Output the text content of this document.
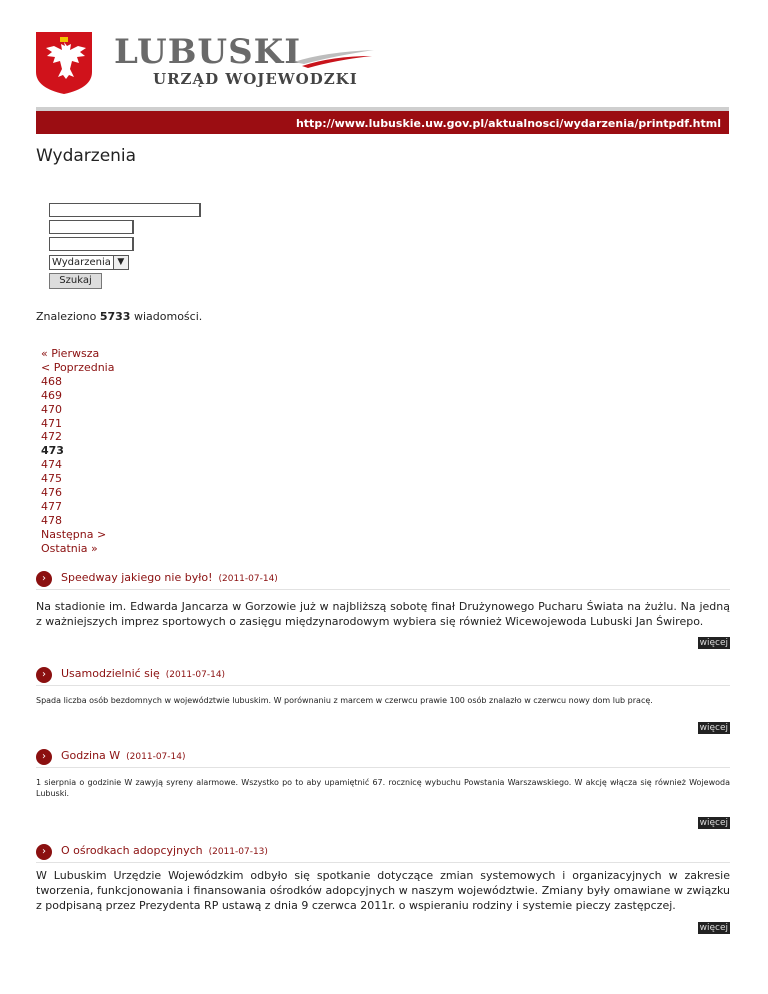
LUBUSKI
URZĄD WOJEWODZKI
http://www.lubuskie.uw.gov.pl/aktualnosci/wydarzenia/printpdf.html
Wydarzenia
Wydarzenia ▼
Szukaj
Znaleziono 5733 wiadomości.
« Pierwsza
< Poprzednia
468
469
470
471
472
473
474
475
476
477
478
Następna >
Ostatnia »
›	Speedway jakiego nie było! (2011-07-14)
Na stadionie im. Edwarda Jancarza w Gorzowie już w najbliższą sobotę finał Drużynowego Pucharu Świata na żużlu. Na jedną z ważniejszych imprez sportowych o zasięgu międzynarodowym wybiera się również Wicewojewoda Lubuski Jan Świrepo.
więcej
›	Usamodzielnić się (2011-07-14)
Spada liczba osób bezdomnych w województwie lubuskim. W porównaniu z marcem w czerwcu prawie 100 osób znalazło w czerwcu nowy dom lub pracę.
więcej
›	Godzina W (2011-07-14)
1 sierpnia o godzinie W zawyją syreny alarmowe. Wszystko po to aby upamiętnić 67. rocznicę wybuchu Powstania Warszawskiego. W akcję włącza się również Wojewoda Lubuski.
więcej
›	O ośrodkach adopcyjnych (2011-07-13)
W Lubuskim Urzędzie Wojewódzkim odbyło się spotkanie dotyczące zmian systemowych i organizacyjnych w zakresie tworzenia, funkcjonowania i finansowania ośrodków adopcyjnych w naszym województwie. Zmiany były omawiane w związku z podpisaną przez Prezydenta RP ustawą z dnia 9 czerwca 2011r. o wspieraniu rodziny i systemie pieczy zastępczej.
więcej
